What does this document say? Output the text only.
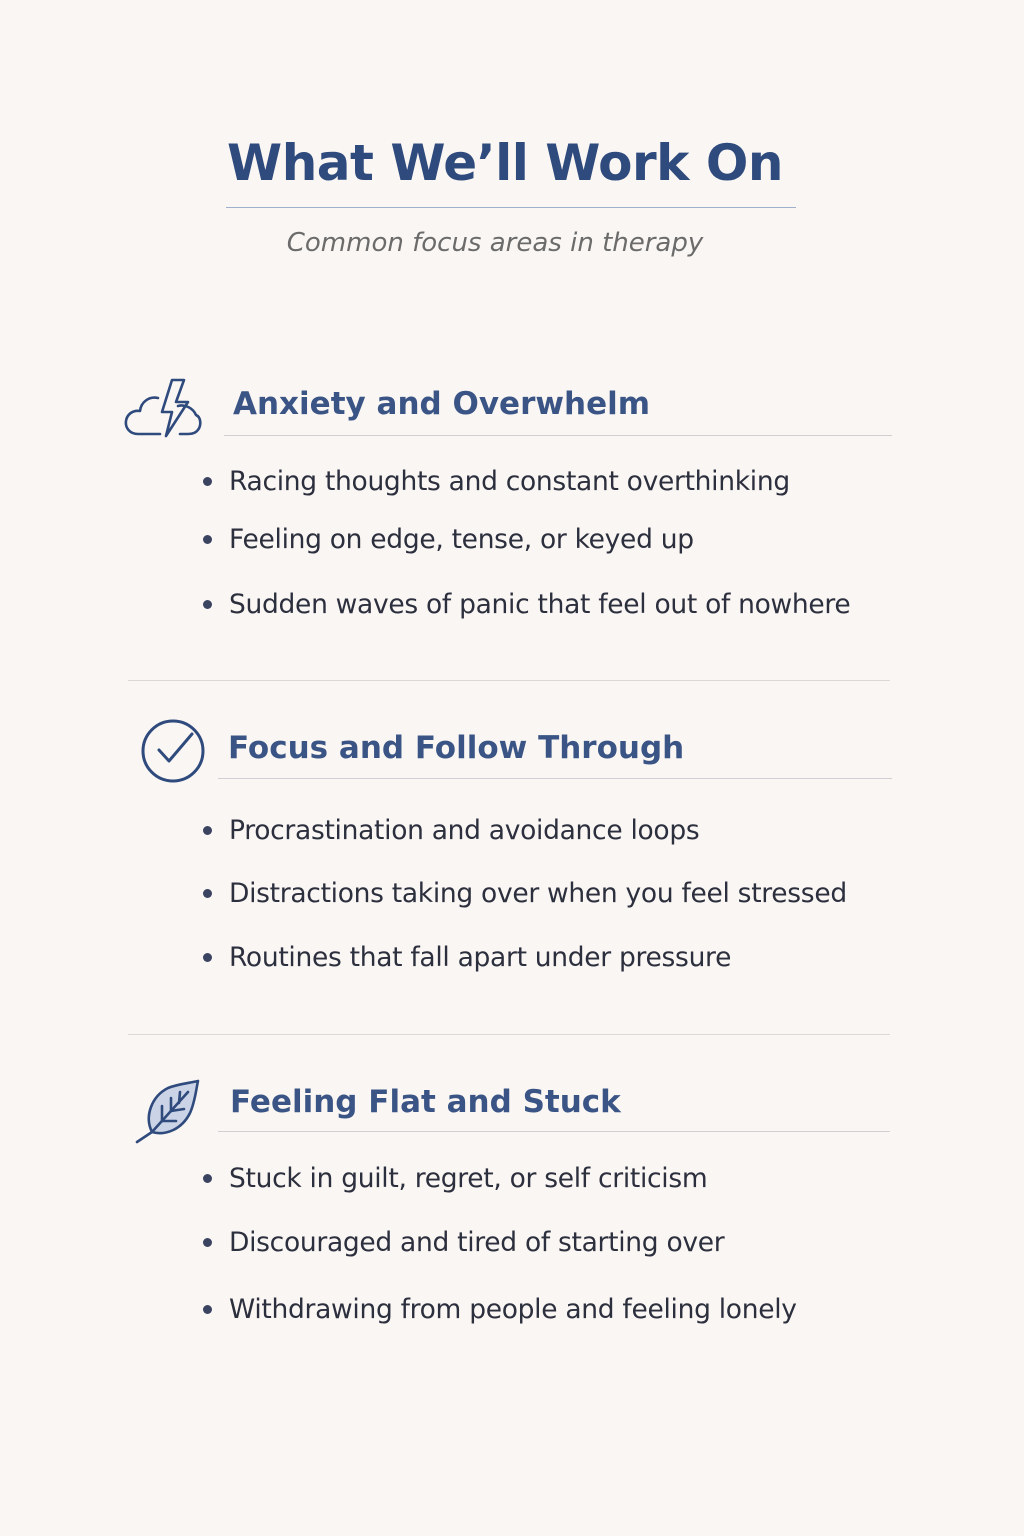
What We’ll Work On

Common focus areas in therapy

Anxiety and Overwhelm
Racing thoughts and constant overthinking
Feeling on edge, tense, or keyed up
Sudden waves of panic that feel out of nowhere
Focus and Follow Through
Procrastination and avoidance loops
Distractions taking over when you feel stressed
Routines that fall apart under pressure
Feeling Flat and Stuck
Stuck in guilt, regret, or self criticism
Discouraged and tired of starting over
Withdrawing from people and feeling lonely
